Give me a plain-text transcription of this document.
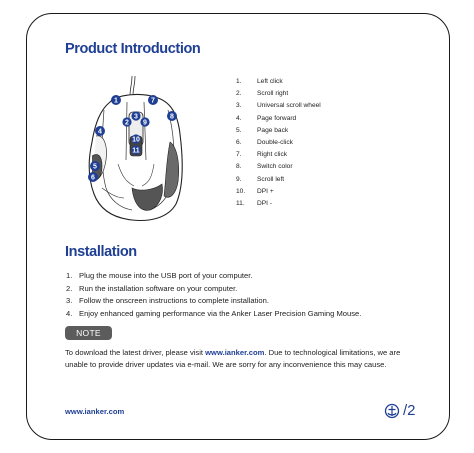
Product Introduction
1	7
3
2 9
8
4
10
11
5
6
1.	Left click
2.	Scroll right
3.	Universal scroll wheel
4.	Page forward
5.	Page back
6.	Double-click
7.	Right click
8.	Switch color
9.	Scroll left
10.	DPI +
11.	DPI -
Installation
1. Plug the mouse into the USB port of your computer.
2. Run the installation software on your computer.
3. Follow the onscreen instructions to complete installation.
4. Enjoy enhanced gaming performance via the Anker Laser Precision Gaming Mouse.
NOTE

To download the latest driver, please visit www.ianker.com. Due to technological limitations, we are unable to provide driver updates via e-mail. We are sorry for any inconvenience this may cause.

www.ianker.com	/2
